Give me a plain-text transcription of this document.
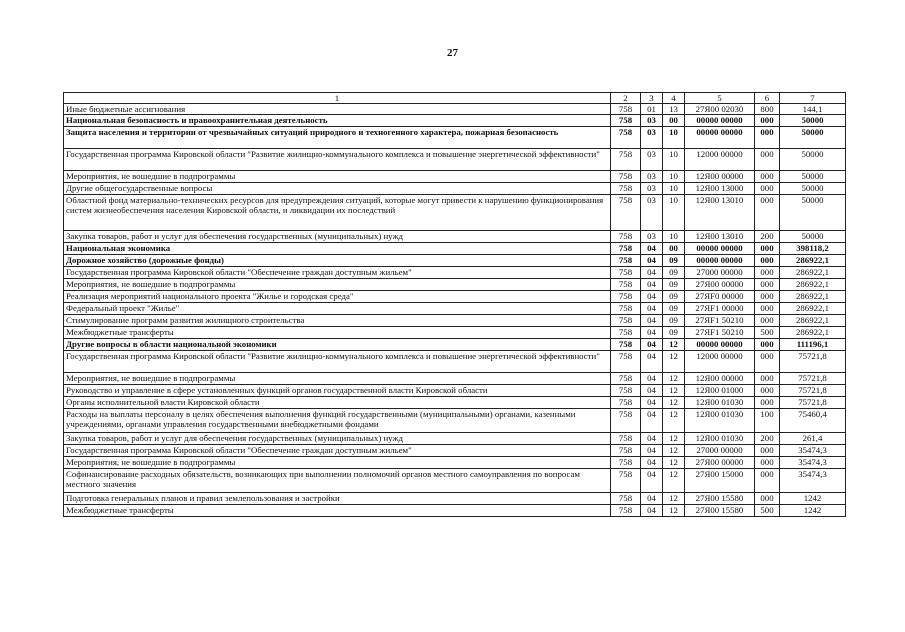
27
1	2	3	4	5	6	7
Иные бюджетные ассигнования	758	01	13	27Я00 02030	800	144,1
Национальная безопасность и правоохранительная деятельность	758	03	00	00000 00000	000	50000
Защита населения и территории от чрезвычайных ситуаций природного и техногенного характера, пожарная безопасность	758	03	10	00000 00000	000	50000
Государственная программа Кировской области "Развитие жилищно-коммунального комплекса и повышение энергетической эффективности"	758	03	10	12000 00000	000	50000
Мероприятия, не вошедшие в подпрограммы	758	03	10	12Я00 00000	000	50000
Другие общегосударственные вопросы	758	03	10	12Я00 13000	000	50000
Областной фонд материально-технических ресурсов для предупреждения ситуаций, которые могут привести к нарушению функционирования систем жизнеобеспечения населения Кировской области, и ликвидации их последствий	758	03	10	12Я00 13010	000	50000
Закупка товаров, работ и услуг для обеспечения государственных (муниципальных) нужд	758	03	10	12Я00 13010	200	50000
Национальная экономика	758	04	00	00000 00000	000	398118,2
Дорожное хозяйство (дорожные фонды)	758	04	09	00000 00000	000	286922,1
Государственная программа Кировской области "Обеспечение граждан доступным жильем"	758	04	09	27000 00000	000	286922,1
Мероприятия, не вошедшие в подпрограммы	758	04	09	27Я00 00000	000	286922,1
Реализация мероприятий национального проекта "Жилье и городская среда"	758	04	09	27ЯF0 00000	000	286922,1
Федеральный проект "Жилье"	758	04	09	27ЯF1 00000	000	286922,1
Стимулирование программ развития жилищного строительства	758	04	09	27ЯF1 50210	000	286922,1
Межбюджетные трансферты	758	04	09	27ЯF1 50210	500	286922,1
Другие вопросы в области национальной экономики	758	04	12	00000 00000	000	111196,1
Государственная программа Кировской области "Развитие жилищно-коммунального комплекса и повышение энергетической эффективности"	758	04	12	12000 00000	000	75721,8
Мероприятия, не вошедшие в подпрограммы	758	04	12	12Я00 00000	000	75721,8
Руководство и управление в сфере установленных функций органов государственной власти Кировской области	758	04	12	12Я00 01000	000	75721,8
Органы исполнительной власти Кировской области	758	04	12	12Я00 01030	000	75721,8
Расходы на выплаты персоналу в целях обеспечения выполнения функций государственными (муниципальными) органами, казенными учреждениями, органами управления государственными внебюджетными фондами	758	04	12	12Я00 01030	100	75460,4
Закупка товаров, работ и услуг для обеспечения государственных (муниципальных) нужд	758	04	12	12Я00 01030	200	261,4
Государственная программа Кировской области "Обеспечение граждан доступным жильем"	758	04	12	27000 00000	000	35474,3
Мероприятия, не вошедшие в подпрограммы	758	04	12	27Я00 00000	000	35474,3
Софинансирование расходных обязательств, возникающих при выполнении полномочий органов местного самоуправления по вопросам местного значения	758	04	12	27Я00 15000	000	35474,3
Подготовка генеральных планов и правил землепользования и застройки	758	04	12	27Я00 15580	000	1242
Межбюджетные трансферты	758	04	12	27Я00 15580	500	1242
